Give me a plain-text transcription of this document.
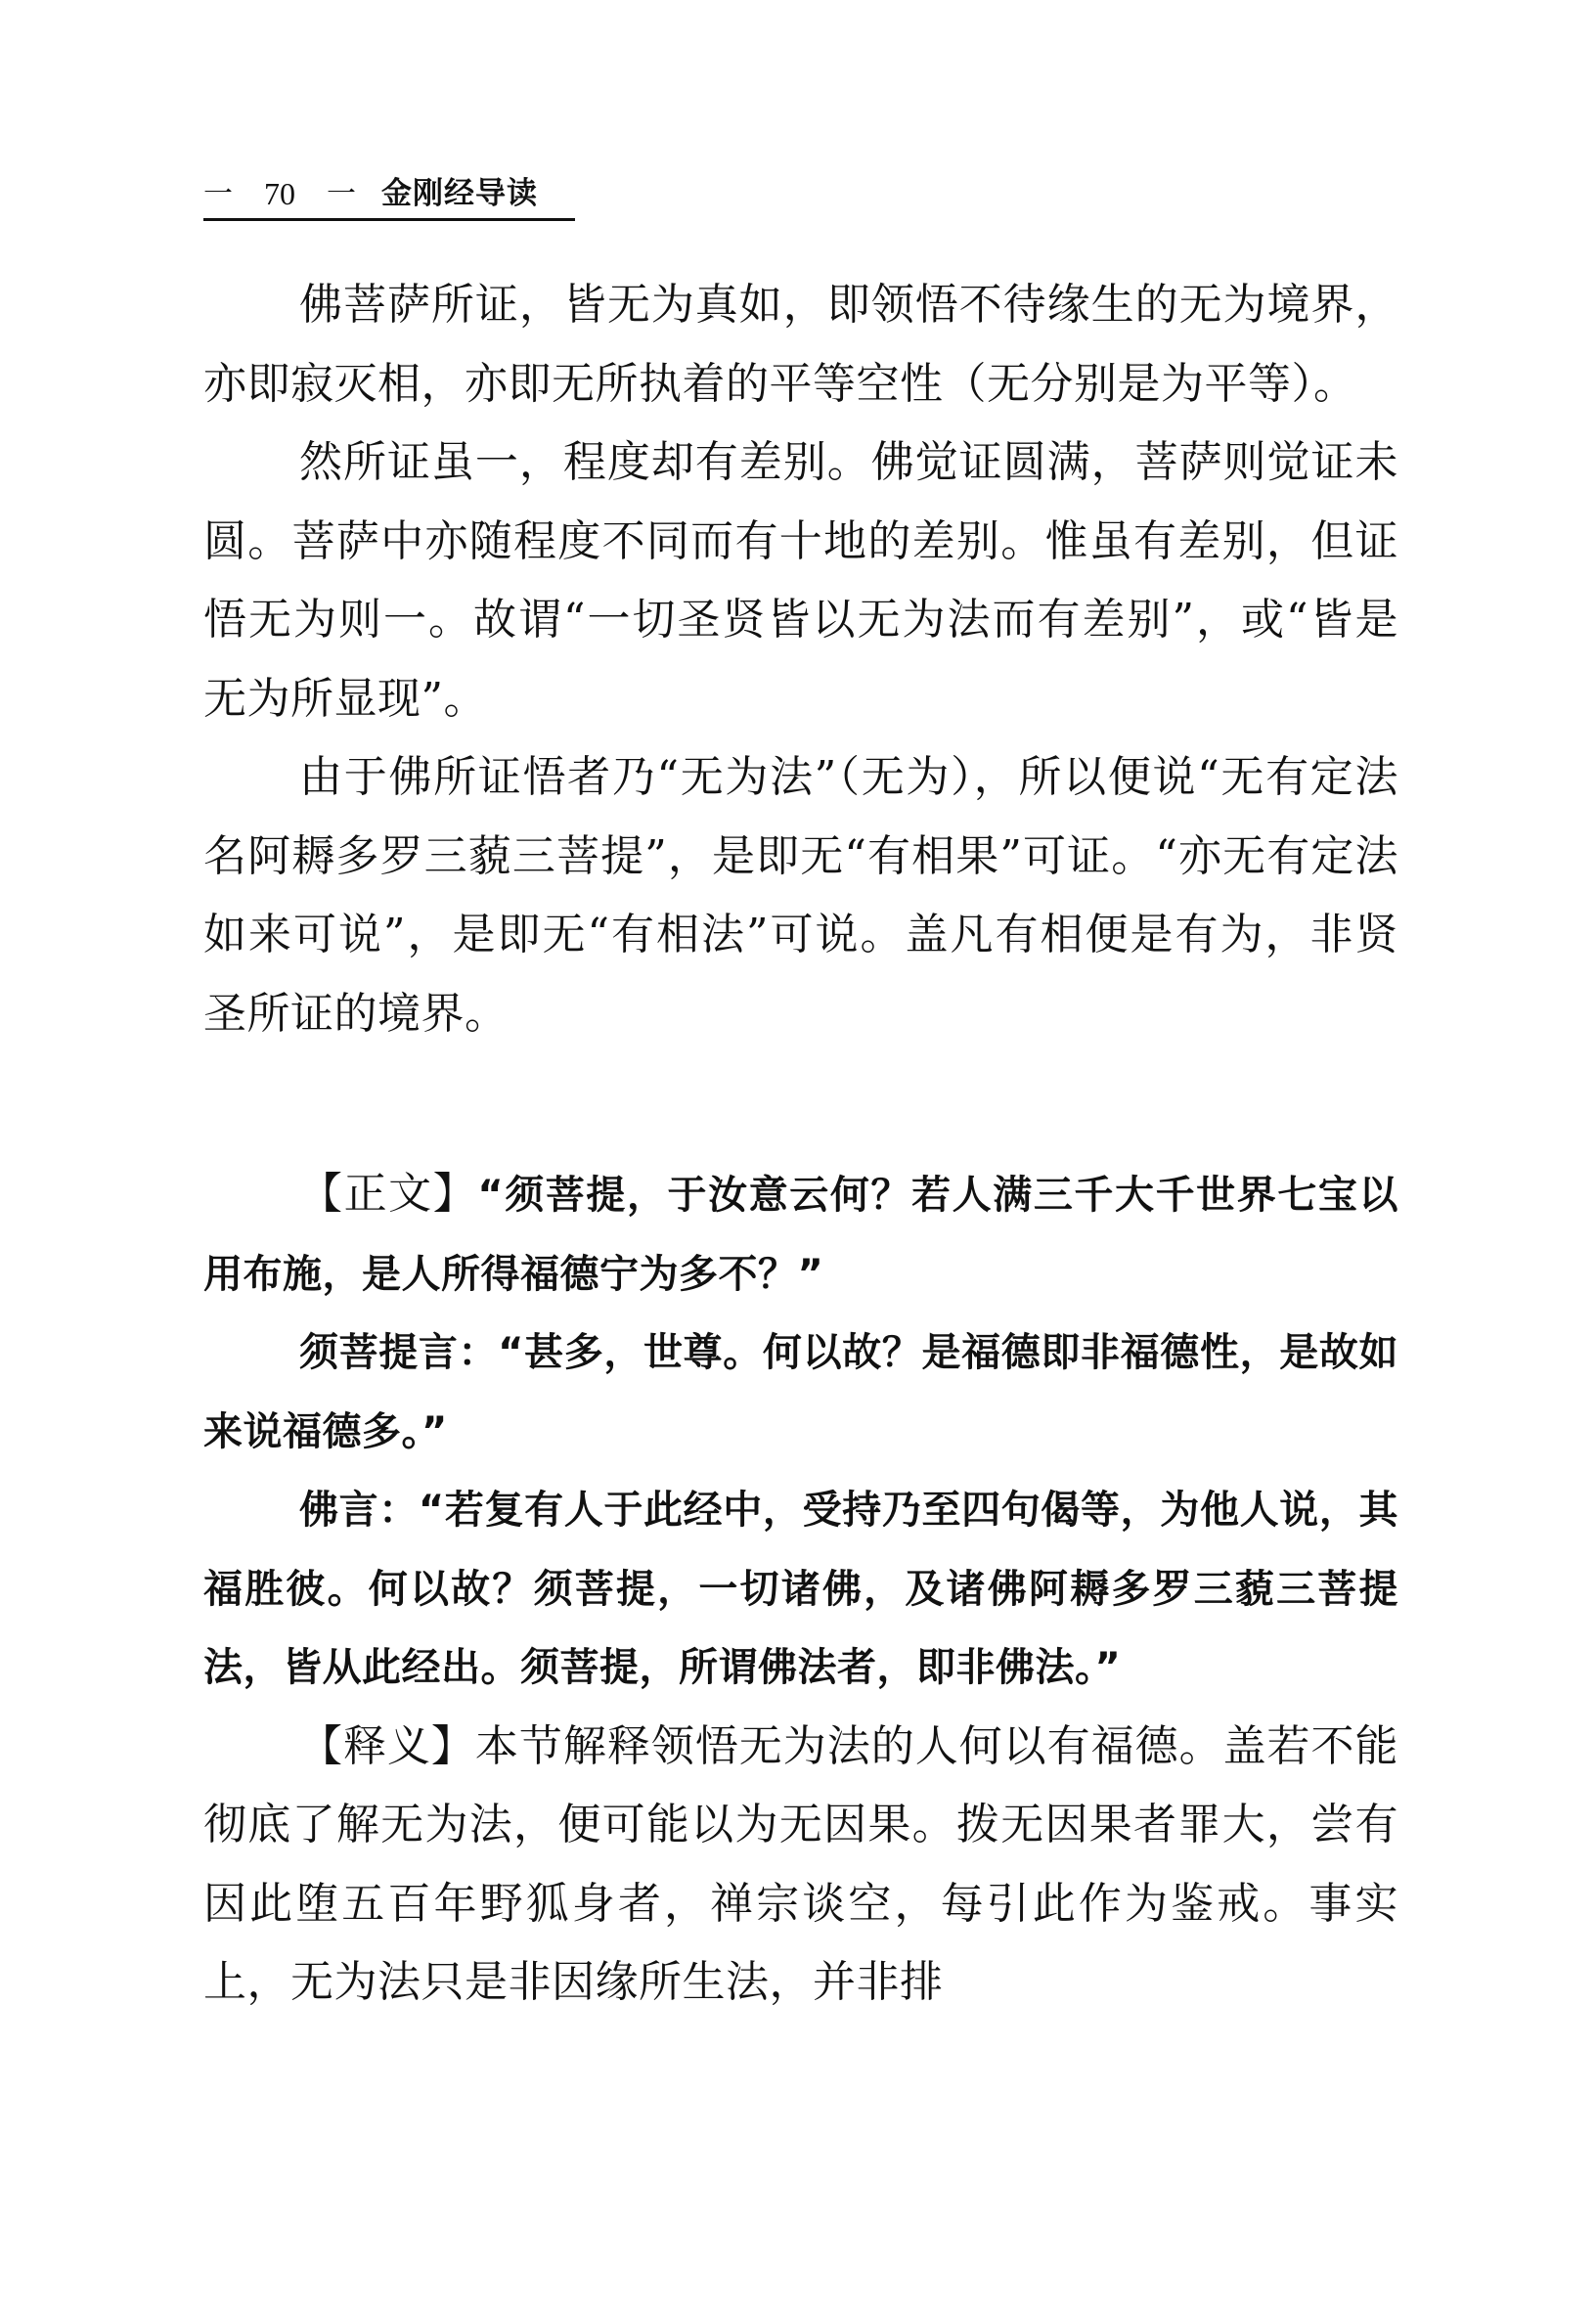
一 70 一 金刚经导读

佛菩萨所证，皆无为真如，即领悟不待缘生的无为境界，亦即寂灭相，亦即无所执着的平等空性（无分别是为平等）。

然所证虽一，程度却有差别。佛觉证圆满，菩萨则觉证未圆。菩萨中亦随程度不同而有十地的差别。惟虽有差别，但证悟无为则一。故谓“一切圣贤皆以无为法而有差别”，或“皆是无为所显现”。

由于佛所证悟者乃“无为法”（无为），所以便说“无有定法名阿耨多罗三藐三菩提”，是即无“有相果”可证。“亦无有定法如来可说”，是即无“有相法”可说。盖凡有相便是有为，非贤圣所证的境界。

【正文】“须菩提，于汝意云何？若人满三千大千世界七宝以用布施，是人所得福德宁为多不？”

须菩提言：“甚多，世尊。何以故？是福德即非福德性，是故如来说福德多。”

佛言：“若复有人于此经中，受持乃至四句偈等，为他人说，其福胜彼。何以故？须菩提，一切诸佛，及诸佛阿耨多罗三藐三菩提法，皆从此经出。须菩提，所谓佛法者，即非佛法。”

【释义】本节解释领悟无为法的人何以有福德。盖若不能彻底了解无为法，便可能以为无因果。拨无因果者罪大，尝有因此堕五百年野狐身者，禅宗谈空，每引此作为鉴戒。事实上，无为法只是非因缘所生法，并非排
